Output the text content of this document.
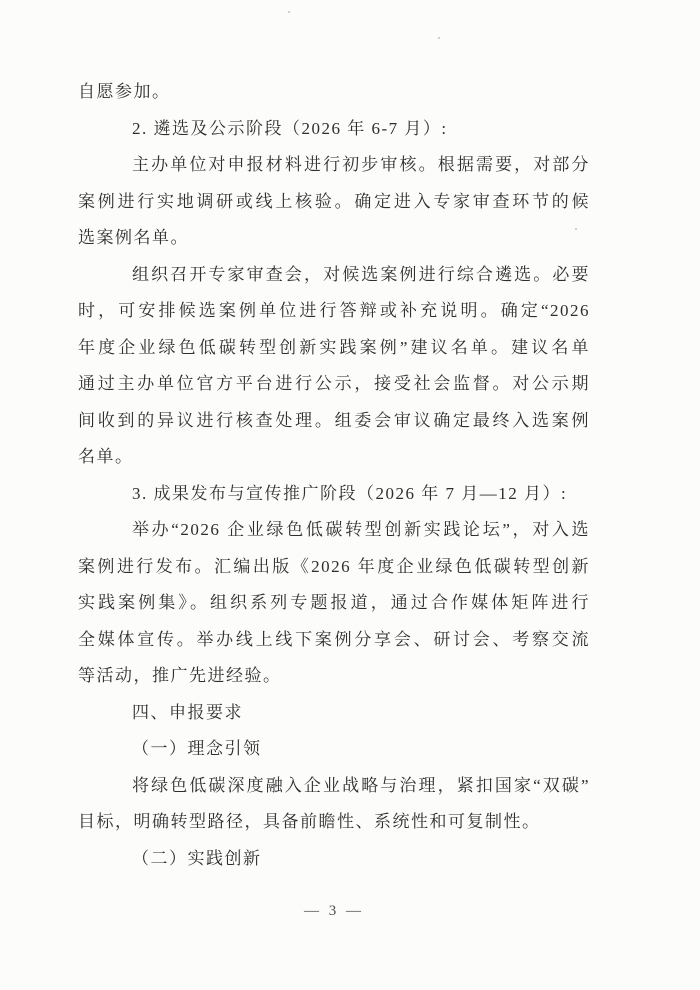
自愿参加。
2. 遴选及公示阶段（2026 年 6-7 月）:
主办单位对申报材料进行初步审核。根据需要，对部分
案例进行实地调研或线上核验。确定进入专家审查环节的候
选案例名单。
组织召开专家审查会，对候选案例进行综合遴选。必要
时，可安排候选案例单位进行答辩或补充说明。确定“2026
年度企业绿色低碳转型创新实践案例”建议名单。建议名单
通过主办单位官方平台进行公示，接受社会监督。对公示期
间收到的异议进行核查处理。组委会审议确定最终入选案例
名单。
3. 成果发布与宣传推广阶段（2026 年 7 月—12 月）:
举办“2026 企业绿色低碳转型创新实践论坛”，对入选
案例进行发布。汇编出版《2026 年度企业绿色低碳转型创新
实践案例集》。组织系列专题报道，通过合作媒体矩阵进行
全媒体宣传。举办线上线下案例分享会、研讨会、考察交流
等活动，推广先进经验。
四、申报要求
（一）理念引领
将绿色低碳深度融入企业战略与治理，紧扣国家“双碳”
目标，明确转型路径，具备前瞻性、系统性和可复制性。
（二）实践创新
— 3 —
